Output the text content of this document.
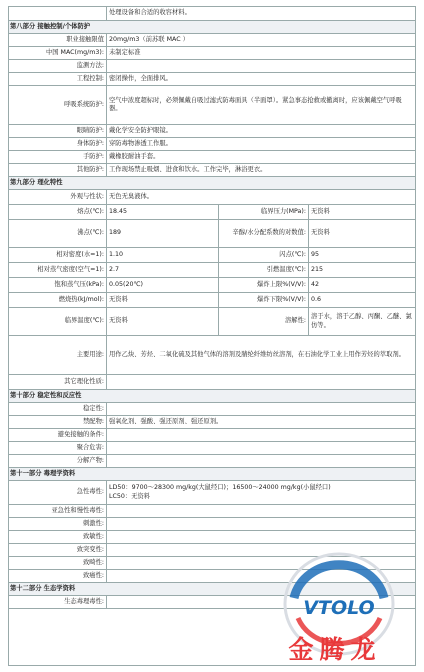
处理设备和合适的收容材料。
第八部分 接触控制/个体防护
职业接触限值 20mg/m3（前苏联 MAC ）
中国 MAC(mg/m3): 未制定标准
监测方法:
工程控制: 密闭操作，全面排风。
呼吸系统防护:
空气中浓度超标时，必须佩戴自吸过滤式防毒面具（半面罩）。紧急事态抢救或撤离时，应该佩戴空气呼吸器。
眼睛防护: 戴化学安全防护眼镜。
身体防护: 穿防毒物渗透工作服。
手防护: 戴橡胶耐油手套。
其他防护: 工作现场禁止吸烟、进食和饮水。工作完毕，淋浴更衣。
第九部分 理化特性
外观与性状: 无色无臭液体。
熔点(℃): 18.45	临界压力(MPa): 无资料
沸点(℃): 189	辛醇/水分配系数的对数值: 无资料
相对密度(水=1): 1.10	闪点(℃): 95
相对蒸气密度(空气=1): 2.7	引燃温度(℃): 215
饱和蒸气压(kPa): 0.05(20℃)	爆炸上限%(V/V): 42
燃烧热(kJ/mol): 无资料	爆炸下限%(V/V): 0.6
临界温度(℃): 无资料	溶解性:
溶于水，溶于乙醇、丙酮、乙醚、氯仿等。
主要用途: 用作乙炔、芳烃、二氧化硫及其他气体的溶剂及腈纶纤维纺丝溶剂，在石油化学工业上用作芳烃的萃取剂。
其它理化性质:
第十部分 稳定性和反应性
稳定性:
禁配物: 强氧化剂、强酸、强还原剂、强还原剂。
避免接触的条件:
聚合危害:
分解产物:
第十一部分 毒理学资料
急性毒性:
LD50：9700～28300 mg/kg(大鼠经口)；16500～24000 mg/kg(小鼠经口)
LC50：无资料
亚急性和慢性毒性:
刺激性:
致敏性:
致突变性:
致畸性:
致癌性:
第十二部分 生态学资料
生态毒理毒性:	VTOLO
金腾龙
